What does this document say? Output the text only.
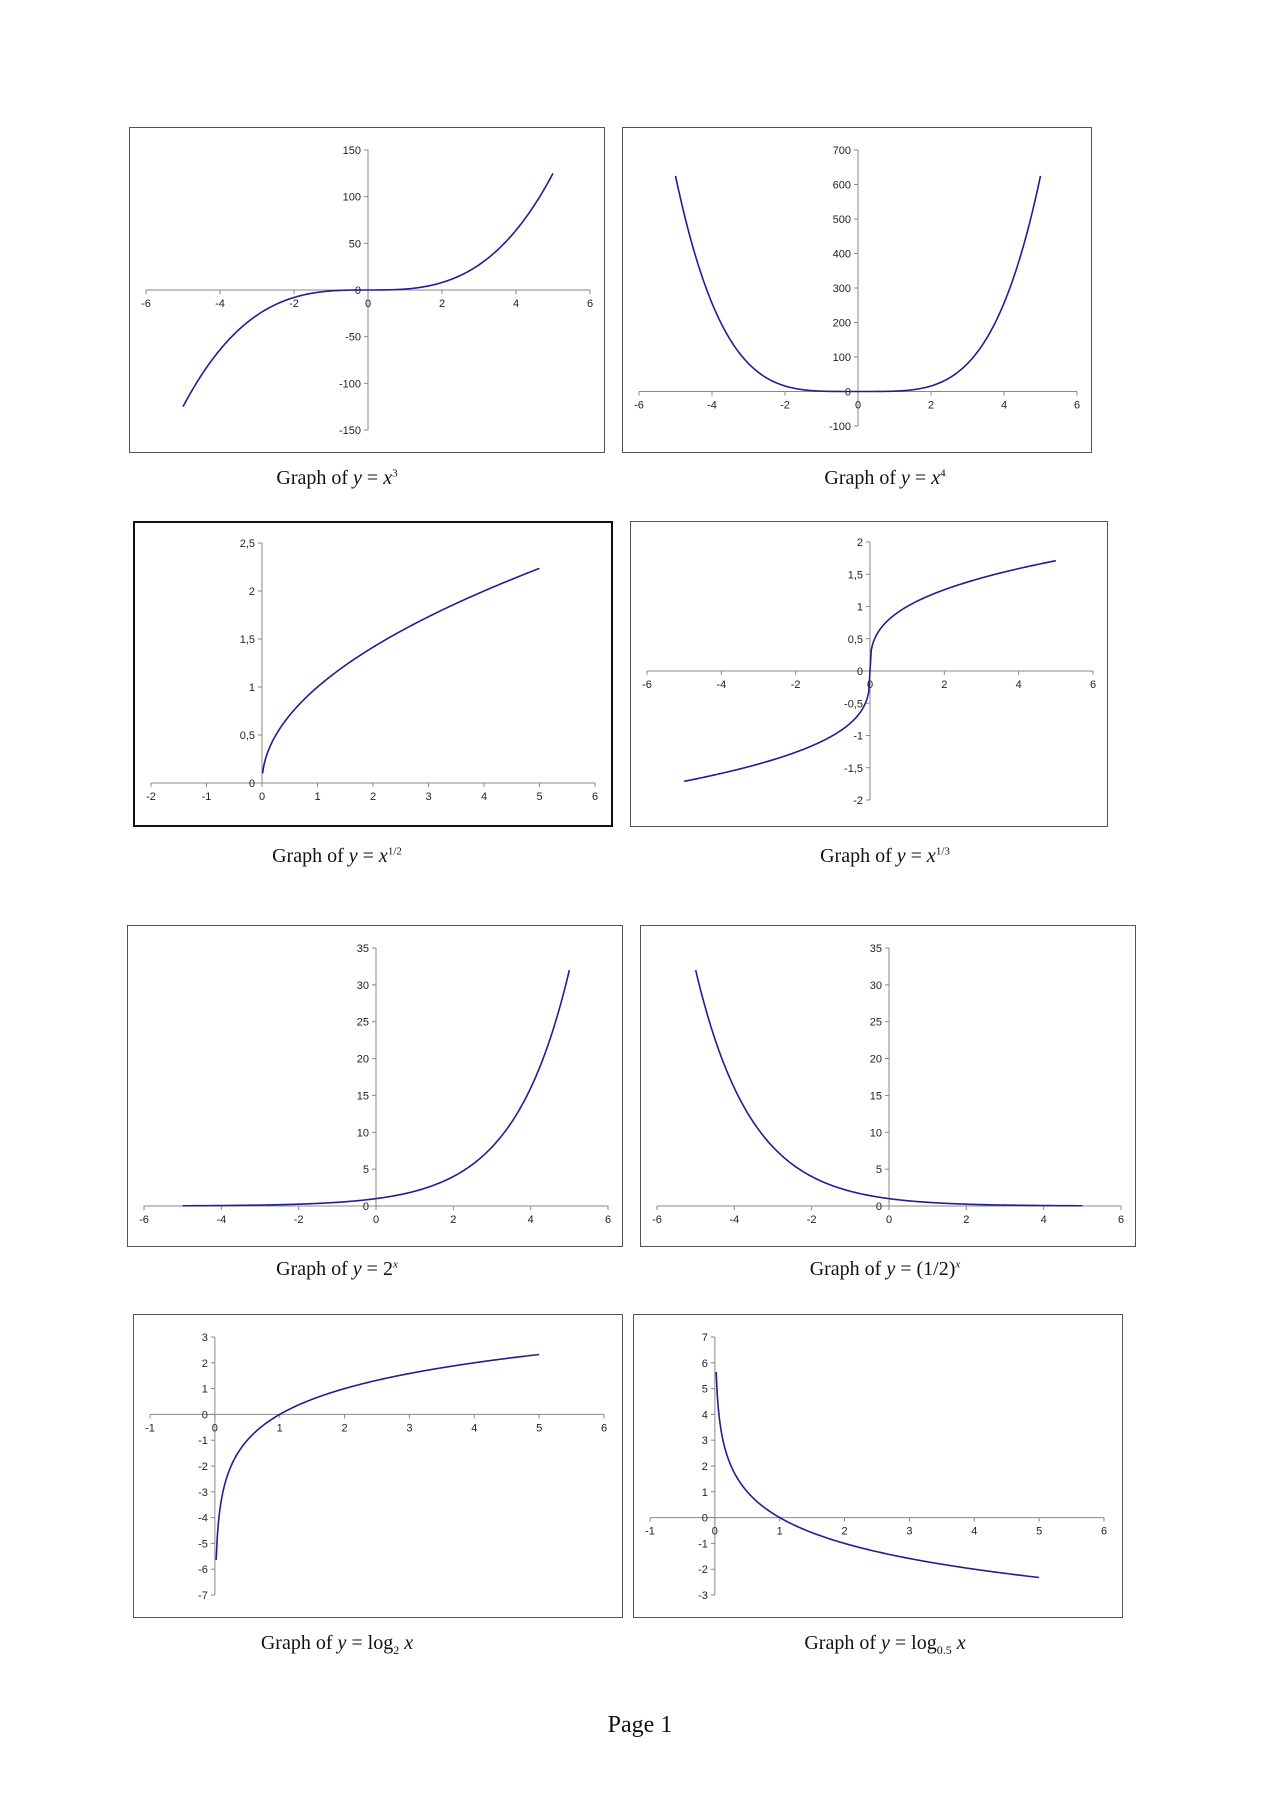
-6	-4	-2	0	2	4	6
-150
-100
-50
0
50
100
150
-6	-4	-2	0	2	4	6
-100
0
100
200
300
400
500
600
700
-2	-1	0	1	2	3	4	5	6
0
0,5
1
1,5
2
2,5
-6	-4	-2	0	2	4	6
-2
-1,5
-1
-0,5
0
0,5
1
1,5
2
-6	-4	-2	0	2	4	6
0
5
10
15
20
25
30
35
-6	-4	-2	0	2	4	6
0
5
10
15
20
25
30
35
-1	0	1	2	3	4	5	6
-7
-6
-5
-4
-3
-2
-1
0
1
2
3
-1	0	1	2	3	4	5	6
-3
-2
-1
0
1
2
3
4
5
6
7
Graph of $y = x^3$	Graph of $y = x^4$
Graph of $y = x^{1/2}$	Graph of $y = x^{1/3}$
Graph of $y = 2^x$	Graph of $y = (1/2)^x$
Graph of $y = \log_2 x$	Graph of $y = \log_{0.5} x$
Page 1
